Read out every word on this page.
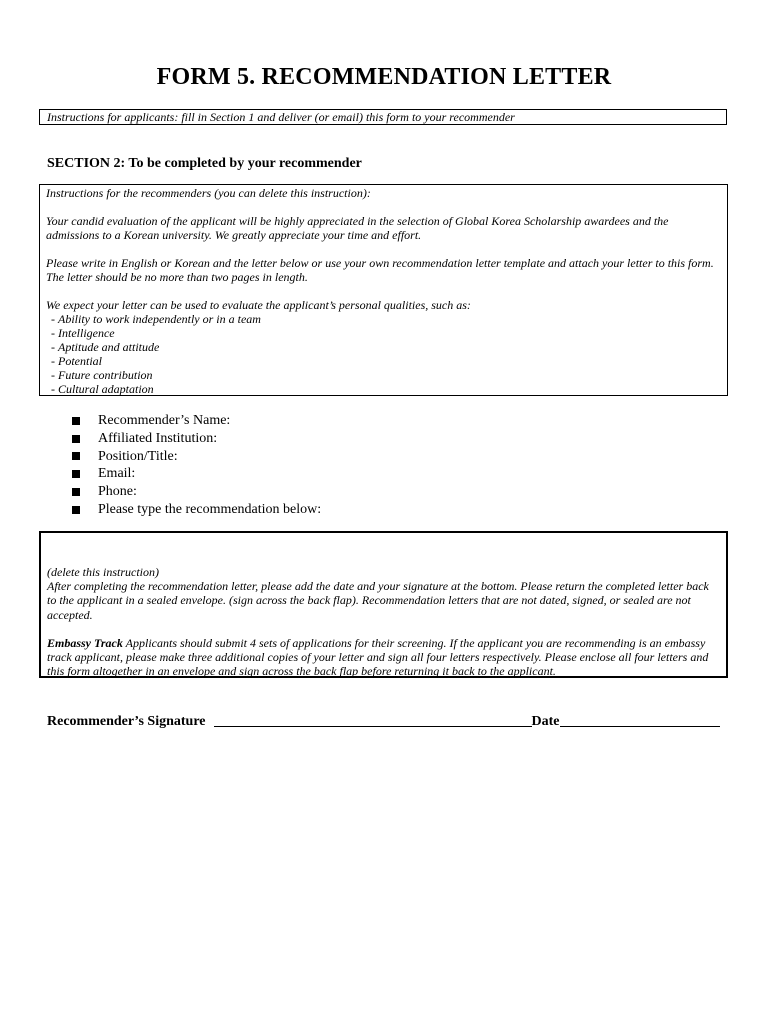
FORM 5. RECOMMENDATION LETTER
Instructions for applicants: fill in Section 1 and deliver (or email) this form to your recommender
SECTION 2: To be completed by your recommender

Instructions for the recommenders (you can delete this instruction):

Your candid evaluation of the applicant will be highly appreciated in the selection of Global Korea Scholarship awardees and the admissions to a Korean university. We greatly appreciate your time and effort.

Please write in English or Korean and the letter below or use your own recommendation letter template and attach your letter to this form. The letter should be no more than two pages in length.

We expect your letter can be used to evaluate the applicant’s personal qualities, such as:
- Ability to work independently or in a team
- Intelligence
- Aptitude and attitude
- Potential
- Future contribution
- Cultural adaptation
Recommender’s Name:
Affiliated Institution:
Position/Title:
Email:
Phone:
Please type the recommendation below:
(delete this instruction)

After completing the recommendation letter, please add the date and your signature at the bottom. Please return the completed letter back to the applicant in a sealed envelope. (sign across the back flap). Recommendation letters that are not dated, signed, or sealed are not accepted.

Embassy Track Applicants should submit 4 sets of applications for their screening. If the applicant you are recommending is an embassy track applicant, please make three additional copies of your letter and sign all four letters respectively. Please enclose all four letters and this form altogether in an envelope and sign across the back flap before returning it back to the applicant.

Recommender’s Signature	Date
